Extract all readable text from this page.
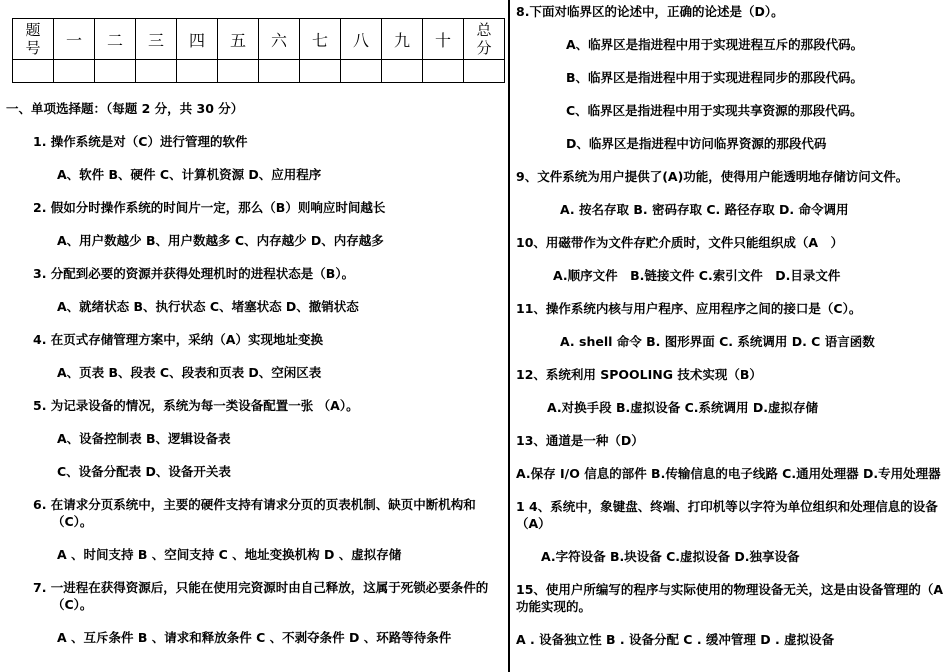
题号	一	二	三	四	五	六	七	八	九	十	总分

一、单项选择题：（每题 2 分，共 30 分）
1. 操作系统是对（C）进行管理的软件
A、软件 B、硬件 C、计算机资源 D、应用程序
2. 假如分时操作系统的时间片一定，那么（B）则响应时间越长
A、用户数越少 B、用户数越多 C、内存越少 D、内存越多
3. 分配到必要的资源并获得处理机时的进程状态是（B）。
A、就绪状态 B、执行状态 C、堵塞状态 D、撤销状态
4. 在页式存储管理方案中，采纳（A）实现地址变换
A、页表 B、段表 C、段表和页表 D、空闲区表
5. 为记录设备的情况，系统为每一类设备配置一张 （A）。
A、设备控制表 B、逻辑设备表
C、设备分配表 D、设备开关表
6. 在请求分页系统中，主要的硬件支持有请求分页的页表机制、缺页中断机构和
（C）。
A 、时间支持 B 、空间支持 C 、地址变换机构 D 、虚拟存储
7. 一进程在获得资源后，只能在使用完资源时由自己释放，这属于死锁必要条件的
（C）。
A 、互斥条件 B 、请求和释放条件 C 、不剥夺条件 D 、环路等待条件
8.下面对临界区的论述中，正确的论述是（D）。
A、临界区是指进程中用于实现进程互斥的那段代码。
B、临界区是指进程中用于实现进程同步的那段代码。
C、临界区是指进程中用于实现共享资源的那段代码。
D、临界区是指进程中访问临界资源的那段代码
9、文件系统为用户提供了(A)功能，使得用户能透明地存储访问文件。
A. 按名存取 B. 密码存取 C. 路径存取 D. 命令调用
10、用磁带作为文件存贮介质时，文件只能组织成（A　）
A.顺序文件　B.链接文件 C.索引文件　D.目录文件
11、操作系统内核与用户程序、应用程序之间的接口是（C）。
A. shell 命令 B. 图形界面 C. 系统调用 D. C 语言函数
12、系统利用 SPOOLING 技术实现（B）
A.对换手段 B.虚拟设备 C.系统调用 D.虚拟存储
13、通道是一种（D）
A.保存 I/O 信息的部件 B.传输信息的电子线路 C.通用处理器 D.专用处理器
1 4、系统中，象键盘、终端、打印机等以字符为单位组织和处理信息的设备
（A）
A.字符设备 B.块设备 C.虚拟设备 D.独享设备
15、使用户所编写的程序与实际使用的物理设备无关，这是由设备管理的（A
功能实现的。
A . 设备独立性 B . 设备分配 C . 缓冲管理 D . 虚拟设备
